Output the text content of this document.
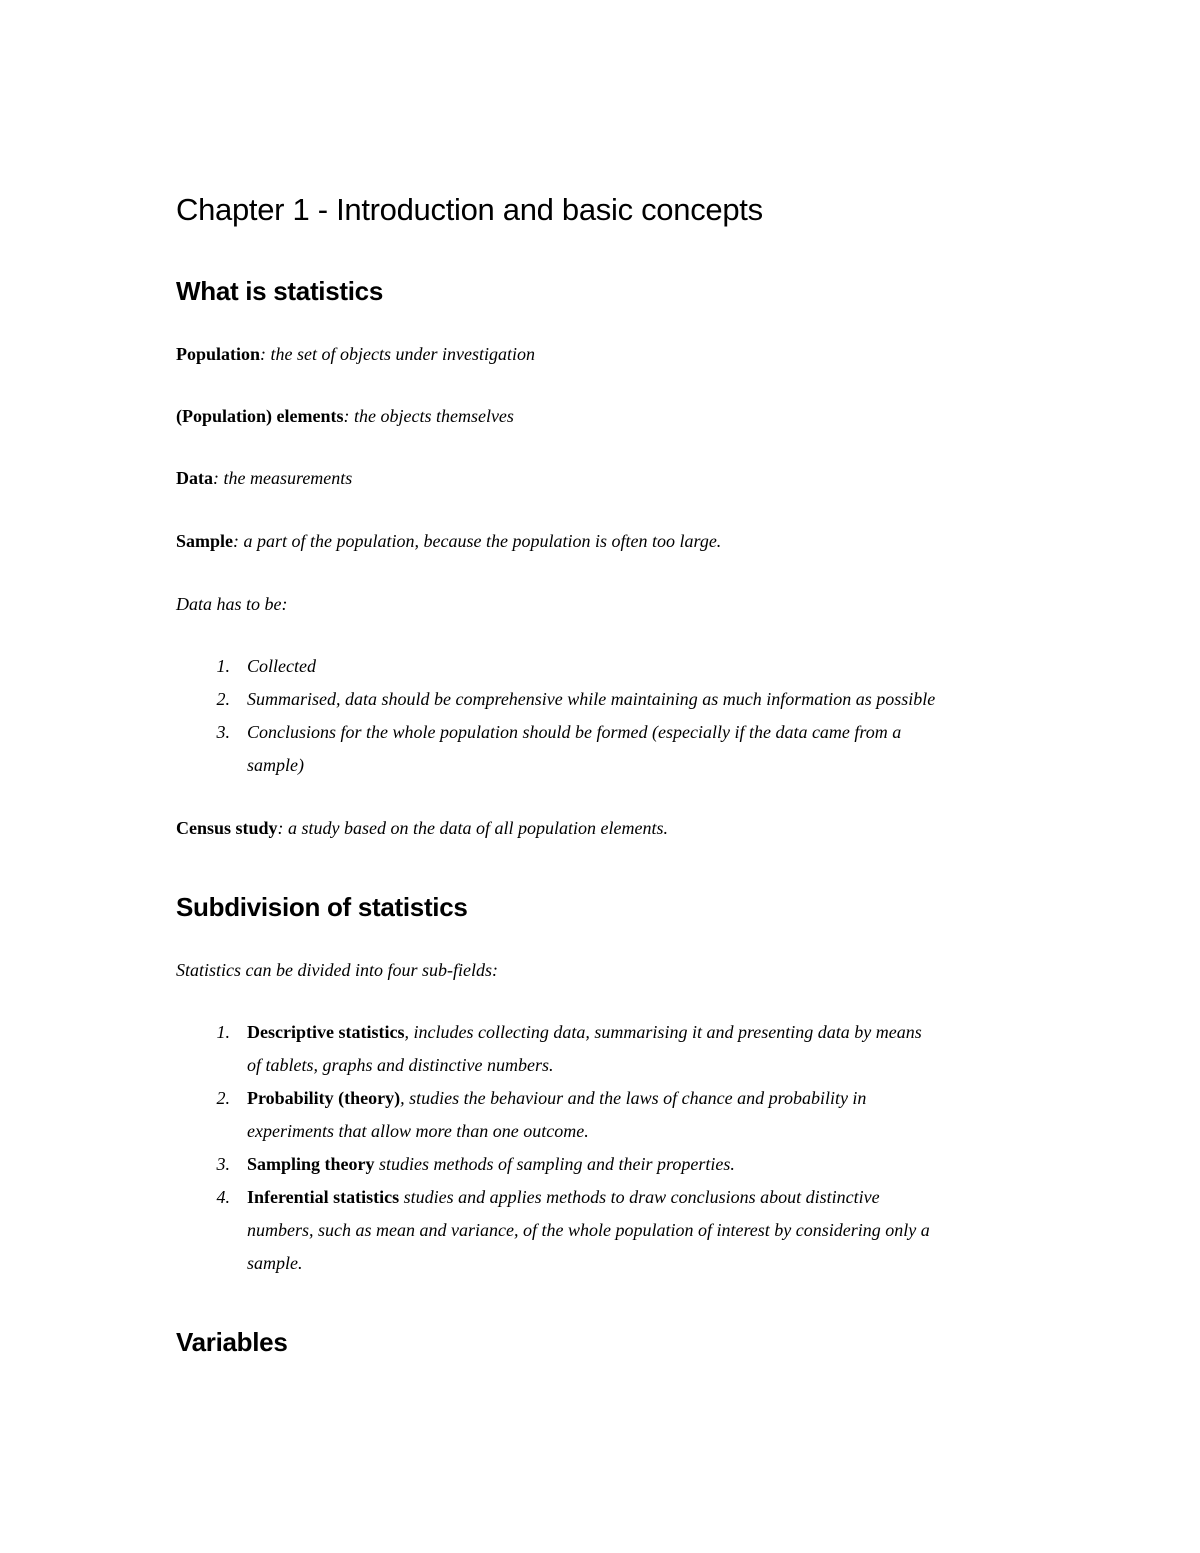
Chapter 1 - Introduction and basic concepts
What is statistics
Population: the set of objects under investigation
(Population) elements: the objects themselves
Data: the measurements
Sample: a part of the population, because the population is often too large.
Data has to be:
1. Collected
2. Summarised, data should be comprehensive while maintaining as much information as possible
3. Conclusions for the whole population should be formed (especially if the data came from a
sample)
Census study: a study based on the data of all population elements.
Subdivision of statistics
Statistics can be divided into four sub-fields:
1. Descriptive statistics, includes collecting data, summarising it and presenting data by means
of tablets, graphs and distinctive numbers.
2. Probability (theory), studies the behaviour and the laws of chance and probability in
experiments that allow more than one outcome.
3. Sampling theory studies methods of sampling and their properties.
4. Inferential statistics studies and applies methods to draw conclusions about distinctive
numbers, such as mean and variance, of the whole population of interest by considering only a
sample.
Variables
